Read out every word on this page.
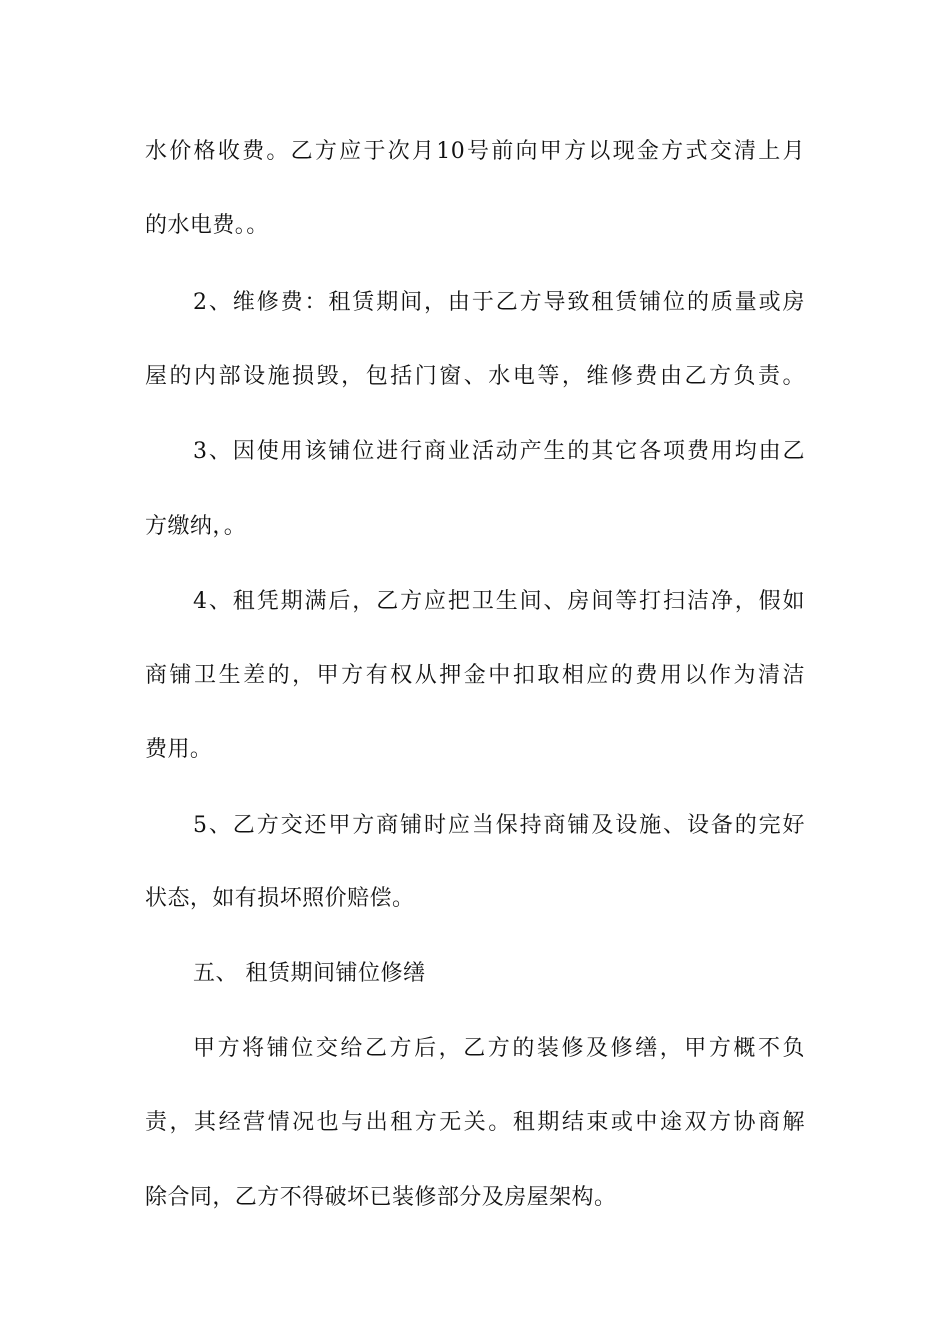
水价格收费。乙方应于次月10号前向甲方以现金方式交清上月
的水电费。。
2、维修费：租赁期间，由于乙方导致租赁铺位的质量或房
屋的内部设施损毁，包括门窗、水电等，维修费由乙方负责。
3、因使用该铺位进行商业活动产生的其它各项费用均由乙
方缴纳，。
4、租凭期满后，乙方应把卫生间、房间等打扫洁净，假如
商铺卫生差的，甲方有权从押金中扣取相应的费用以作为清洁
费用。
5、乙方交还甲方商铺时应当保持商铺及设施、设备的完好
状态，如有损坏照价赔偿。
五、 租赁期间铺位修缮
甲方将铺位交给乙方后，乙方的装修及修缮，甲方概不负
责，其经营情况也与出租方无关。租期结束或中途双方协商解
除合同，乙方不得破坏已装修部分及房屋架构。
